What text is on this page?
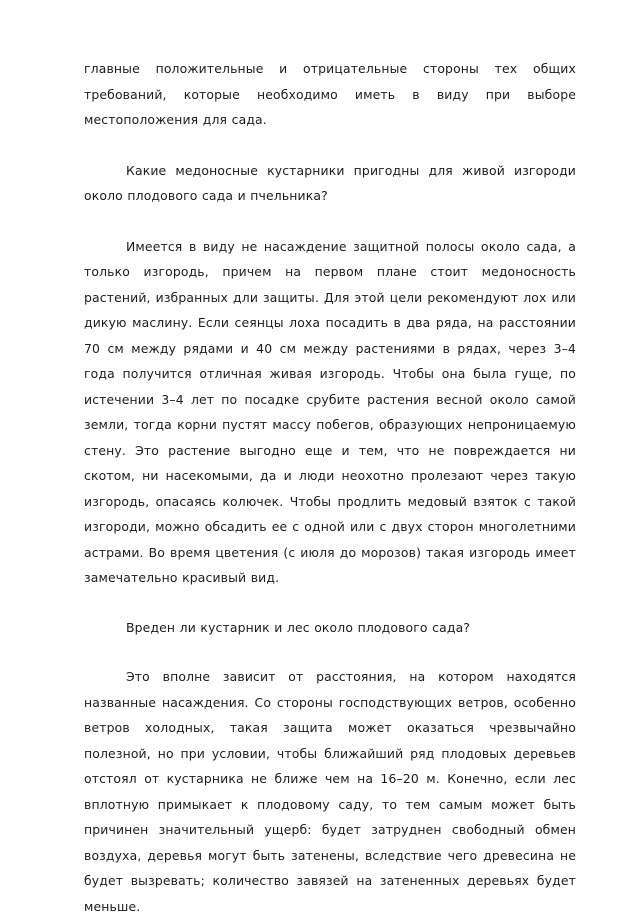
главные положительные и отрицательные стороны тех общих требований, которые необходимо иметь в виду при выборе местоположения для сада.

Какие медоносные кустарники пригодны для живой изгороди около плодового сада и пчельника?

Имеется в виду не насаждение защитной полосы около сада, а только изгородь, причем на первом плане стоит медоносность растений, избранных дли защиты. Для этой цели рекомендуют лох или дикую маслину. Если сеянцы лоха посадить в два ряда, на расстоянии 70 см между рядами и 40 см между растениями в рядах, через 3–4 года получится отличная живая изгородь. Чтобы она была гуще, по истечении 3–4 лет по посадке срубите растения весной около самой земли, тогда корни пустят массу побегов, образующих непроницаемую стену. Это растение выгодно еще и тем, что не повреждается ни скотом, ни насекомыми, да и люди неохотно пролезают через такую изгородь, опасаясь колючек. Чтобы продлить медовый взяток с такой изгороди, можно обсадить ее с одной или с двух сторон многолетними астрами. Во время цветения (с июля до морозов) такая изгородь имеет замечательно красивый вид.

Вреден ли кустарник и лес около плодового сада?

Это вполне зависит от расстояния, на котором находятся названные насаждения. Со стороны господствующих ветров, особенно ветров холодных, такая защита может оказаться чрезвычайно полезной, но при условии, чтобы ближайший ряд плодовых деревьев отстоял от кустарника не ближе чем на 16–20 м. Конечно, если лес вплотную примыкает к плодовому саду, то тем самым может быть причинен значительный ущерб: будет затруднен свободный обмен воздуха, деревья могут быть затенены, вследствие чего древесина не будет вызревать; количество завязей на затененных деревьях будет меньше.
